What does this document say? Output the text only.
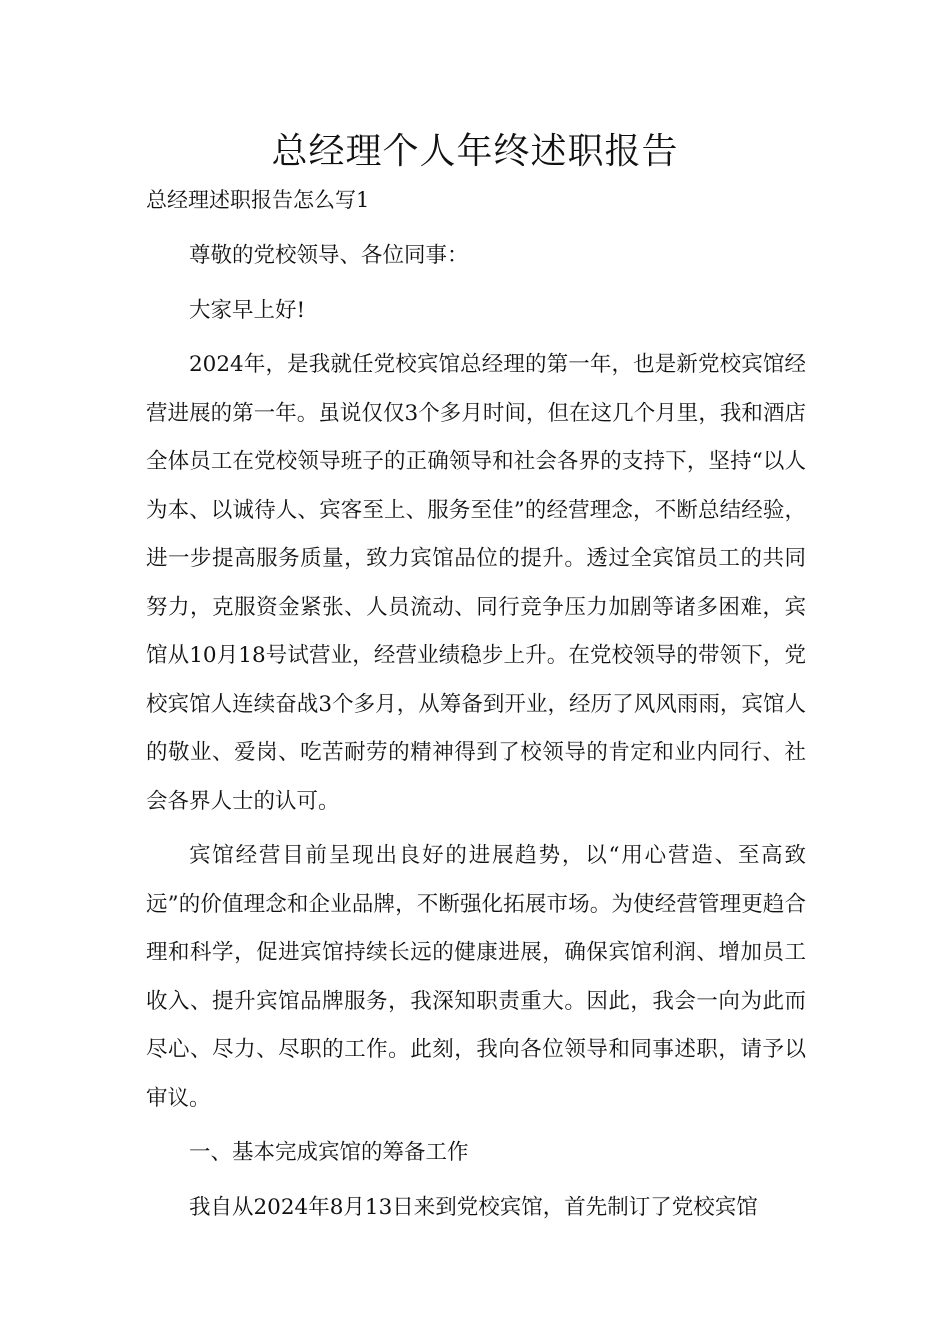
总经理个人年终述职报告

总经理述职报告怎么写1

尊敬的党校领导、各位同事：

大家早上好!

2024年，是我就任党校宾馆总经理的第一年，也是新党校宾馆经营进展的第一年。虽说仅仅3个多月时间，但在这几个月里，我和酒店全体员工在党校领导班子的正确领导和社会各界的支持下，坚持“以人为本、以诚待人、宾客至上、服务至佳”的经营理念，不断总结经验，进一步提高服务质量，致力宾馆品位的提升。透过全宾馆员工的共同努力，克服资金紧张、人员流动、同行竞争压力加剧等诸多困难，宾馆从10月18号试营业，经营业绩稳步上升。在党校领导的带领下，党校宾馆人连续奋战3个多月，从筹备到开业，经历了风风雨雨，宾馆人的敬业、爱岗、吃苦耐劳的精神得到了校领导的肯定和业内同行、社会各界人士的认可。

宾馆经营目前呈现出良好的进展趋势，以“用心营造、至高致远”的价值理念和企业品牌，不断强化拓展市场。为使经营管理更趋合理和科学，促进宾馆持续长远的健康进展，确保宾馆利润、增加员工收入、提升宾馆品牌服务，我深知职责重大。因此，我会一向为此而尽心、尽力、尽职的工作。此刻，我向各位领导和同事述职，请予以审议。

一、基本完成宾馆的筹备工作

我自从2024年8月13日来到党校宾馆，首先制订了党校宾馆
